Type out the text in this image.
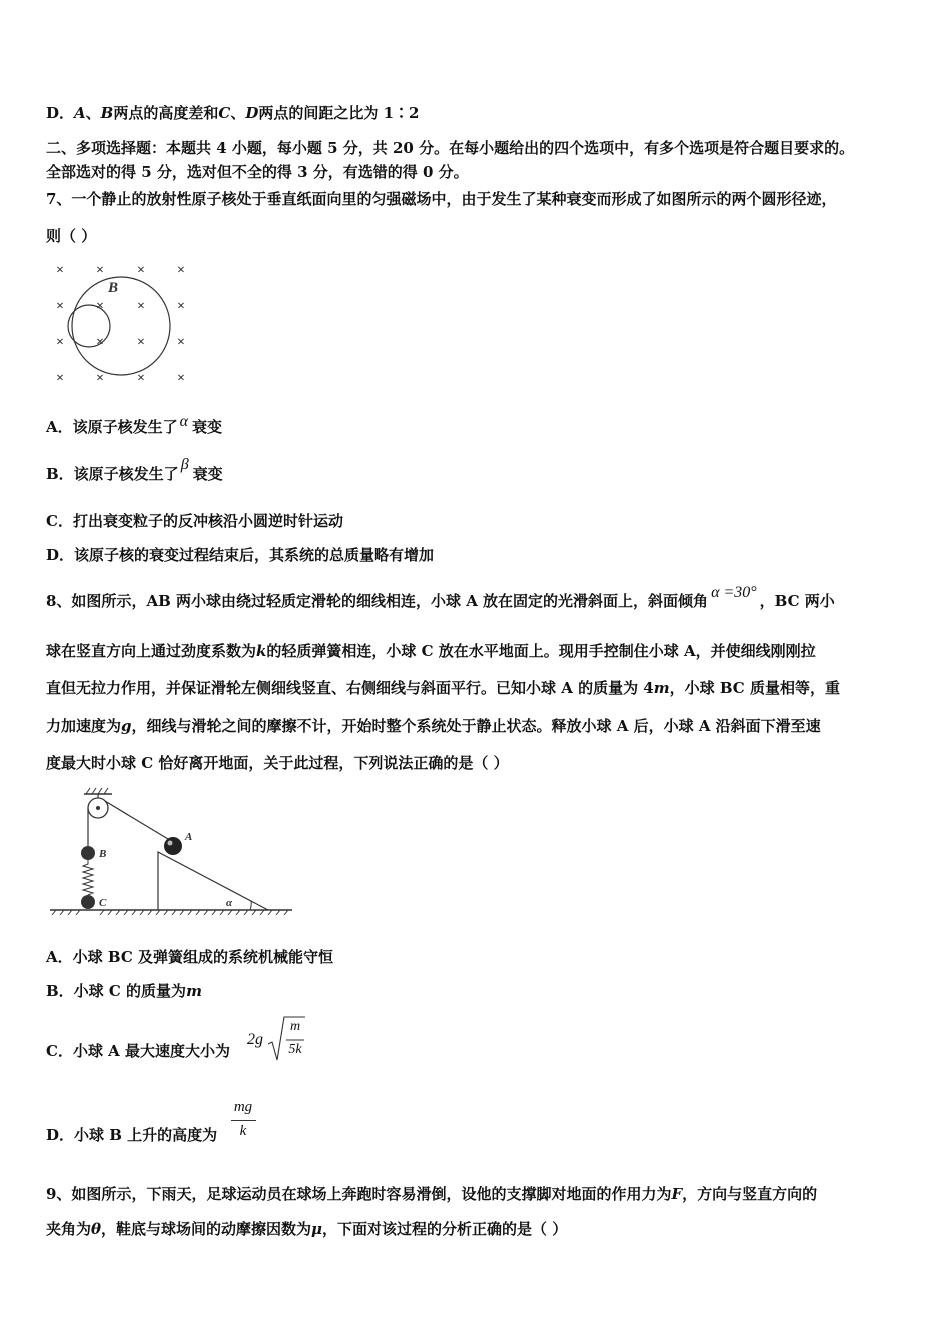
D．A、B两点的高度差和C、D两点的间距之比为 1∶2
二、多项选择题：本题共 4 小题，每小题 5 分，共 20 分。在每小题给出的四个选项中，有多个选项是符合题目要求的。
全部选对的得 5 分，选对但不全的得 3 分，有选错的得 0 分。
7、一个静止的放射性原子核处于垂直纸面向里的匀强磁场中，由于发生了某种衰变而形成了如图所示的两个圆形径迹，
则（ ）
× × × ×
× × × ×
× × × ×
× × × ×
B
A．该原子核发生了 α 衰变
B．该原子核发生了β衰变
C．打出衰变粒子的反冲核沿小圆逆时针运动
D．该原子核的衰变过程结束后，其系统的总质量略有增加
8、如图所示，AB 两小球由绕过轻质定滑轮的细线相连，小球 A 放在固定的光滑斜面上，斜面倾角 α =30° ，BC 两小
球在竖直方向上通过劲度系数为k的轻质弹簧相连，小球 C 放在水平地面上。现用手控制住小球 A，并使细线刚刚拉
直但无拉力作用，并保证滑轮左侧细线竖直、右侧细线与斜面平行。已知小球 A 的质量为 4m，小球 BC 质量相等，重
力加速度为g，细线与滑轮之间的摩擦不计，开始时整个系统处于静止状态。释放小球 A 后，小球 A 沿斜面下滑至速
度最大时小球 C 恰好离开地面，关于此过程，下列说法正确的是（ ）
B
C	α
A
A．小球 BC 及弹簧组成的系统机械能守恒
B．小球 C 的质量为m
C．小球 A 最大速度大小为
2g
m
5k
D．小球 B 上升的高度为
mg
k
9、如图所示，下雨天，足球运动员在球场上奔跑时容易滑倒，设他的支撑脚对地面的作用力为F，方向与竖直方向的
夹角为θ，鞋底与球场间的动摩擦因数为μ，下面对该过程的分析正确的是（ ）
